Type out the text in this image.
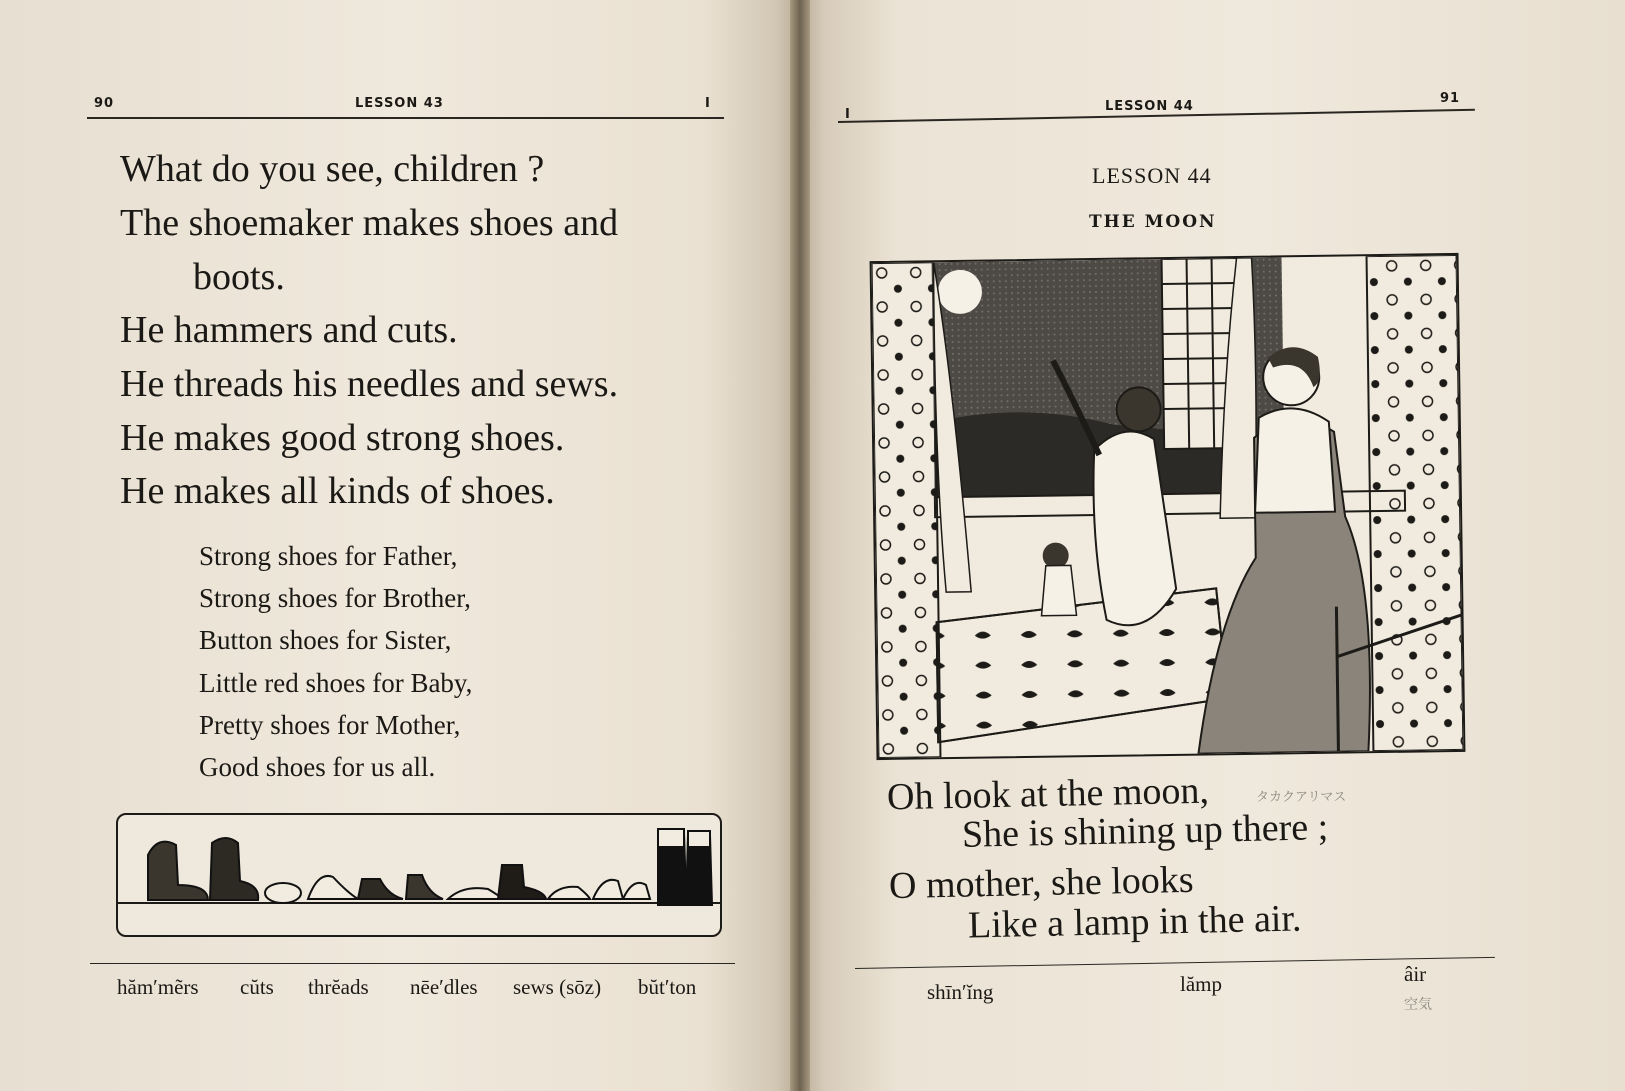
90	LESSON 43	I
What do you see, children ?
The shoemaker makes shoes and
boots.
He hammers and cuts.
He threads his needles and sews.
He makes good strong shoes.
He makes all kinds of shoes.
Strong shoes for Father,
Strong shoes for Brother,
Button shoes for Sister,
Little red shoes for Baby,
Pretty shoes for Mother,
Good shoes for us all.
hăm′mẽrs cŭts thrĕads nēe′dles sews (sōz) bŭt′ton
I
LESSON 44
91
LESSON 44
THE MOON
Oh look at the moon,
She is shining up there ;
O mother, she looks
Like a lamp in the air.
タカクアリマス
shīn′ĭng	lămp	âir
空気
